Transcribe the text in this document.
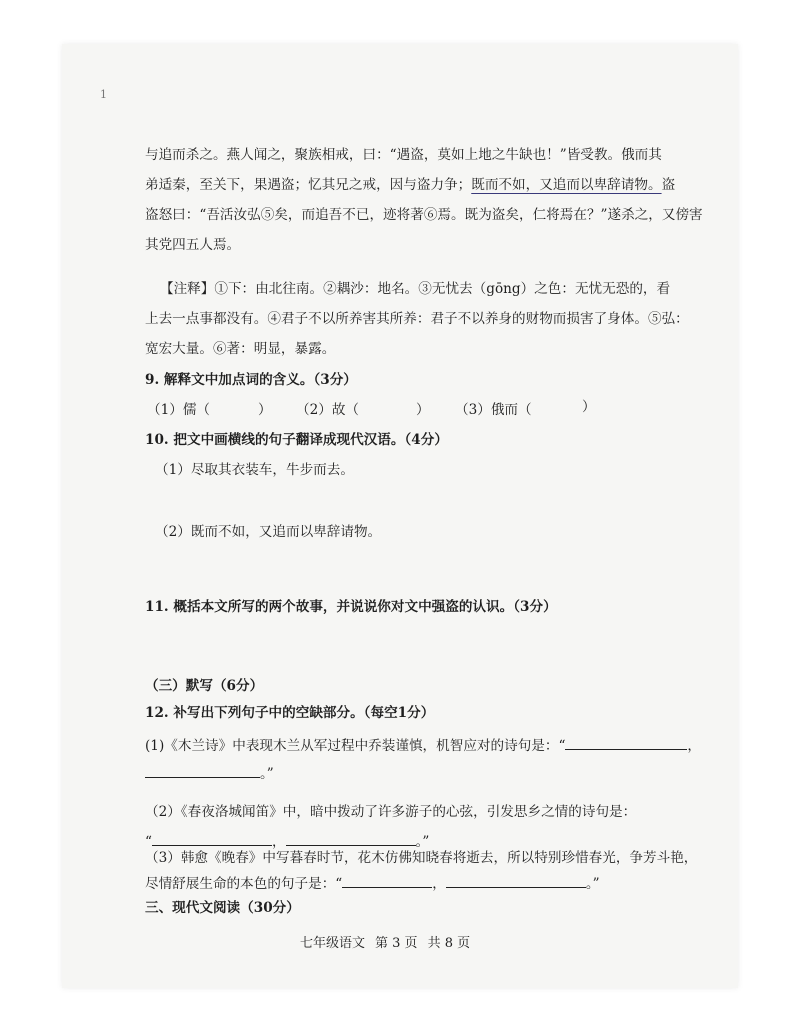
1
与追而杀之。燕人闻之，聚族相戒，曰：“遇盗，莫如上地之牛缺也！”皆受教。俄而其
弟适秦，至关下，果遇盗；忆其兄之戒，因与盗力争；既而不如，又追而以卑辞请物。盗
盗怒曰：“吾活汝弘⑤矣，而追吾不已，迹将著⑥焉。既为盗矣，仁将焉在？”遂杀之，又傍害
其党四五人焉。
【注释】①下：由北往南。②耦沙：地名。③无忧去（gōng）之色：无忧无恐的，看
上去一点事都没有。④君子不以所养害其所养：君子不以养身的财物而损害了身体。⑤弘：
宽宏大量。⑥著：明显，暴露。
9. 解释文中加点词的含义。（3分）
（1）儒（	） （2）故（	） （3）俄而（	）
10. 把文中画横线的句子翻译成现代汉语。（4分）
（1）尽取其衣装车，牛步而去。
（2）既而不如，又追而以卑辞请物。
11. 概括本文所写的两个故事，并说说你对文中强盗的认识。（3分）
（三）默写（6分）
12. 补写出下列句子中的空缺部分。（每空1分）
(1)《木兰诗》中表现木兰从军过程中乔装谨慎，机智应对的诗句是：“	，
。”
（2）《春夜洛城闻笛》中，暗中拨动了许多游子的心弦，引发思乡之情的诗句是：
“	，	。”
（3）韩愈《晚春》中写暮春时节，花木仿佛知晓春将逝去，所以特别珍惜春光，争芳斗艳，
尽情舒展生命的本色的句子是：“	，	。”
三、现代文阅读（30分）
七年级语文 第 3 页 共 8 页
